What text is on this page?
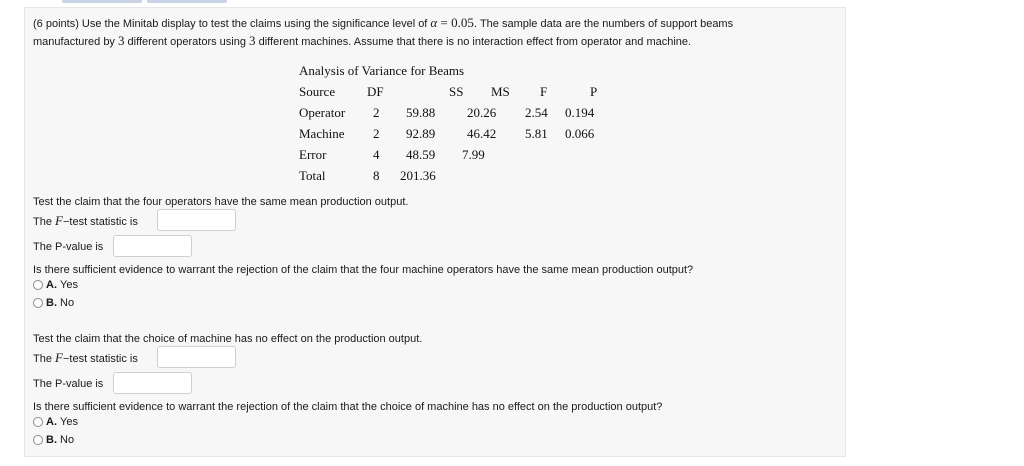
(6 points) Use the Minitab display to test the claims using the significance level of α = 0.05. The sample data are the numbers of support beams
manufactured by 3 different operators using 3 different machines. Assume that there is no interaction effect from operator and machine.
Analysis of Variance for Beams
Source DF	SS MS F	P
Operator 2 59.88 20.26 2.54 0.194
Machine 2 92.89 46.42 5.81 0.066
Error	4 48.59 7.99
Total	8 201.36
Test the claim that the four operators have the same mean production output.
The F−test statistic is
The P-value is
Is there sufficient evidence to warrant the rejection of the claim that the four machine operators have the same mean production output?
A. Yes
B. No
Test the claim that the choice of machine has no effect on the production output.
The F−test statistic is
The P-value is
Is there sufficient evidence to warrant the rejection of the claim that the choice of machine has no effect on the production output?
A. Yes
B. No
